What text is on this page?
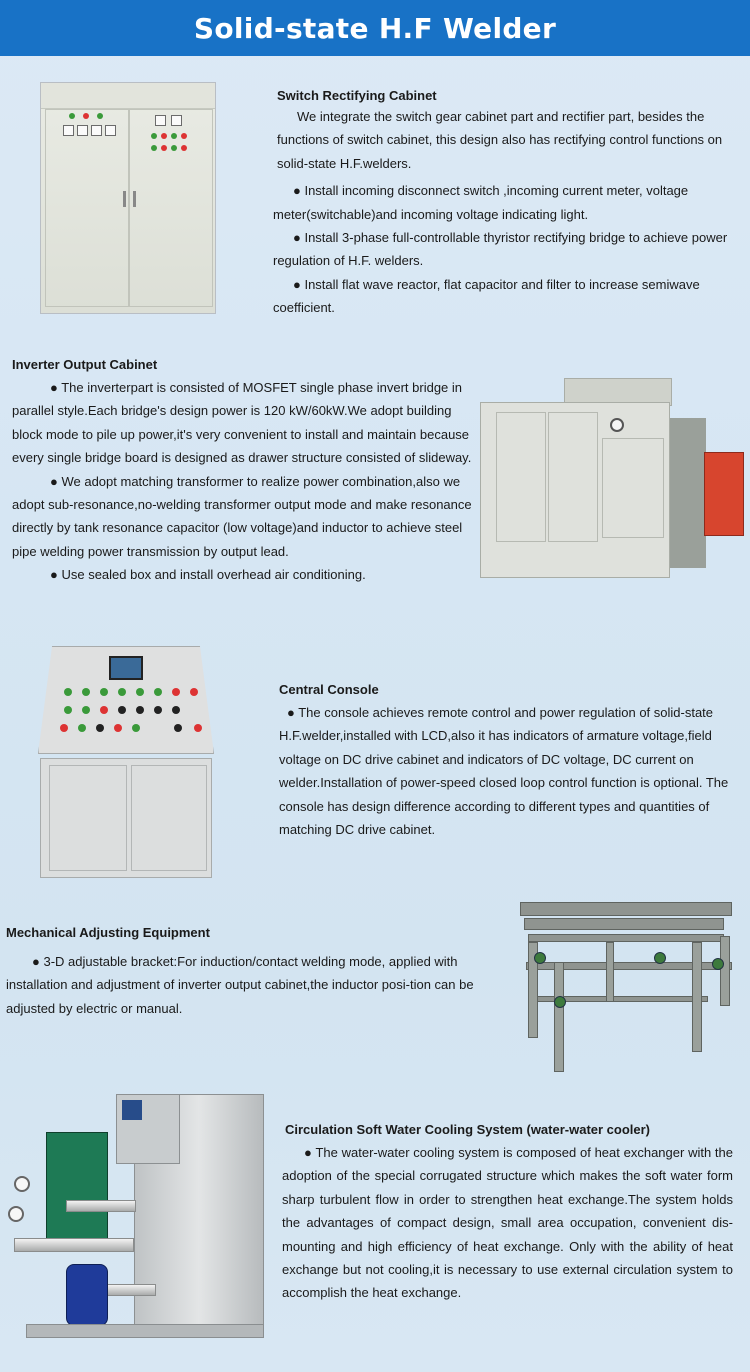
Solid-state H.F Welder
Switch Rectifying Cabinet

We integrate the switch gear cabinet part and rectifier part, besides the functions of switch cabinet, this design also has rectifying control functions on solid-state H.F.welders.

● Install incoming disconnect switch ,incoming current meter, voltage meter(switchable)and incoming voltage indicating light.

● Install 3-phase full-controllable thyristor rectifying bridge to achieve power regulation of H.F. welders.

● Install flat wave reactor, flat capacitor and filter to increase semiwave coefficient.

Inverter Output Cabinet

● The inverterpart is consisted of MOSFET single phase invert bridge in parallel style.Each bridge's design power is 120 kW/60kW.We adopt building block mode to pile up power,it's very convenient to install and maintain because every single bridge board is designed as drawer structure consisted of slideway.

● We adopt matching transformer to realize power combination,also we adopt sub-resonance,no-welding transformer output mode and make resonance directly by tank resonance capacitor (low voltage)and inductor to achieve steel pipe welding power transmission by output lead.

● Use sealed box and install overhead air conditioning.

Central Console

● The console achieves remote control and power regulation of solid-state H.F.welder,installed with LCD,also it has indicators of armature voltage,field voltage on DC drive cabinet and indicators of DC voltage, DC current on welder.Installation of power-speed closed loop control function is optional. The console has design difference according to different types and quantities of matching DC drive cabinet.

Mechanical Adjusting Equipment

● 3-D adjustable bracket:For induction/contact welding mode, applied with installation and adjustment of inverter output cabinet,the inductor posi-tion can be adjusted by electric or manual.

Circulation Soft Water Cooling System (water-water cooler)

● The water-water cooling system is composed of heat exchanger with the adoption of the special corrugated structure which makes the soft water form sharp turbulent flow in order to strengthen heat exchange.The system holds the advantages of compact design, small area occupation, convenient dis-mounting and high efficiency of heat exchange. Only with the ability of heat exchange but not cooling,it is necessary to use external circulation system to accomplish the heat exchange.
